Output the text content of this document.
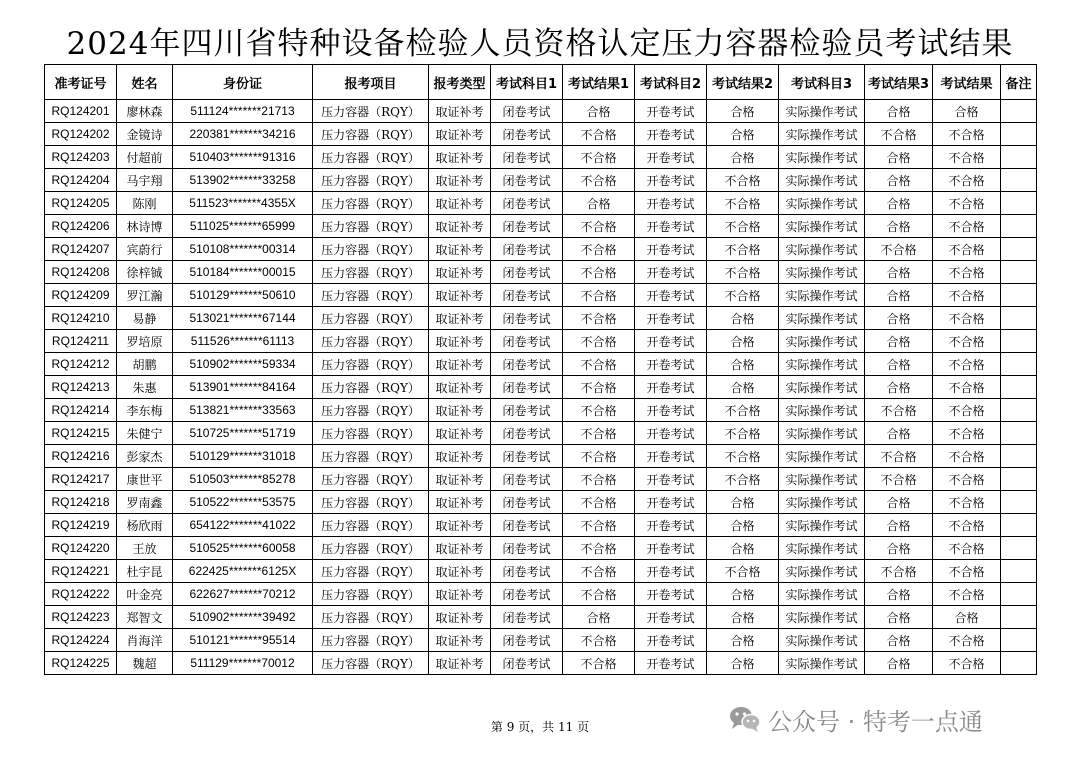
2024年四川省特种设备检验人员资格认定压力容器检验员考试结果
准考证号	姓名	身份证	报考项目	报考类型	考试科目1	考试结果1	考试科目2	考试结果2	考试科目3	考试结果3	考试结果	备注
RQ124201	廖林森	511124*******21713	压力容器（RQY）	取证补考	闭卷考试	合格	开卷考试	合格	实际操作考试	合格	合格	
RQ124202	金镜诗	220381*******34216	压力容器（RQY）	取证补考	闭卷考试	不合格	开卷考试	合格	实际操作考试	不合格	不合格	
RQ124203	付超前	510403*******91316	压力容器（RQY）	取证补考	闭卷考试	不合格	开卷考试	合格	实际操作考试	合格	不合格	
RQ124204	马宇翔	513902*******33258	压力容器（RQY）	取证补考	闭卷考试	不合格	开卷考试	不合格	实际操作考试	合格	不合格	
RQ124205	陈刚	511523*******4355X	压力容器（RQY）	取证补考	闭卷考试	合格	开卷考试	不合格	实际操作考试	合格	不合格	
RQ124206	林诗博	511025*******65999	压力容器（RQY）	取证补考	闭卷考试	不合格	开卷考试	不合格	实际操作考试	合格	不合格	
RQ124207	宾蔚行	510108*******00314	压力容器（RQY）	取证补考	闭卷考试	不合格	开卷考试	不合格	实际操作考试	不合格	不合格	
RQ124208	徐梓铖	510184*******00015	压力容器（RQY）	取证补考	闭卷考试	不合格	开卷考试	不合格	实际操作考试	合格	不合格	
RQ124209	罗江瀚	510129*******50610	压力容器（RQY）	取证补考	闭卷考试	不合格	开卷考试	不合格	实际操作考试	合格	不合格	
RQ124210	易静	513021*******67144	压力容器（RQY）	取证补考	闭卷考试	不合格	开卷考试	合格	实际操作考试	合格	不合格	
RQ124211	罗培原	511526*******61113	压力容器（RQY）	取证补考	闭卷考试	不合格	开卷考试	合格	实际操作考试	合格	不合格	
RQ124212	胡鹏	510902*******59334	压力容器（RQY）	取证补考	闭卷考试	不合格	开卷考试	合格	实际操作考试	合格	不合格	
RQ124213	朱惠	513901*******84164	压力容器（RQY）	取证补考	闭卷考试	不合格	开卷考试	合格	实际操作考试	合格	不合格	
RQ124214	李东梅	513821*******33563	压力容器（RQY）	取证补考	闭卷考试	不合格	开卷考试	不合格	实际操作考试	不合格	不合格	
RQ124215	朱健宁	510725*******51719	压力容器（RQY）	取证补考	闭卷考试	不合格	开卷考试	不合格	实际操作考试	合格	不合格	
RQ124216	彭家杰	510129*******31018	压力容器（RQY）	取证补考	闭卷考试	不合格	开卷考试	不合格	实际操作考试	不合格	不合格	
RQ124217	康世平	510503*******85278	压力容器（RQY）	取证补考	闭卷考试	不合格	开卷考试	不合格	实际操作考试	不合格	不合格	
RQ124218	罗南鑫	510522*******53575	压力容器（RQY）	取证补考	闭卷考试	不合格	开卷考试	合格	实际操作考试	合格	不合格	
RQ124219	杨欣雨	654122*******41022	压力容器（RQY）	取证补考	闭卷考试	不合格	开卷考试	合格	实际操作考试	合格	不合格	
RQ124220	王放	510525*******60058	压力容器（RQY）	取证补考	闭卷考试	不合格	开卷考试	合格	实际操作考试	合格	不合格	
RQ124221	杜宇昆	622425*******6125X	压力容器（RQY）	取证补考	闭卷考试	不合格	开卷考试	不合格	实际操作考试	不合格	不合格	
RQ124222	叶金亮	622627*******70212	压力容器（RQY）	取证补考	闭卷考试	不合格	开卷考试	合格	实际操作考试	合格	不合格	
RQ124223	郑智文	510902*******39492	压力容器（RQY）	取证补考	闭卷考试	合格	开卷考试	合格	实际操作考试	合格	合格	
RQ124224	肖海洋	510121*******95514	压力容器（RQY）	取证补考	闭卷考试	不合格	开卷考试	合格	实际操作考试	合格	不合格	
RQ124225	魏超	511129*******70012	压力容器（RQY）	取证补考	闭卷考试	不合格	开卷考试	合格	实际操作考试	合格	不合格	
第 9 页，共 11 页	公众号 · 特考一点通
